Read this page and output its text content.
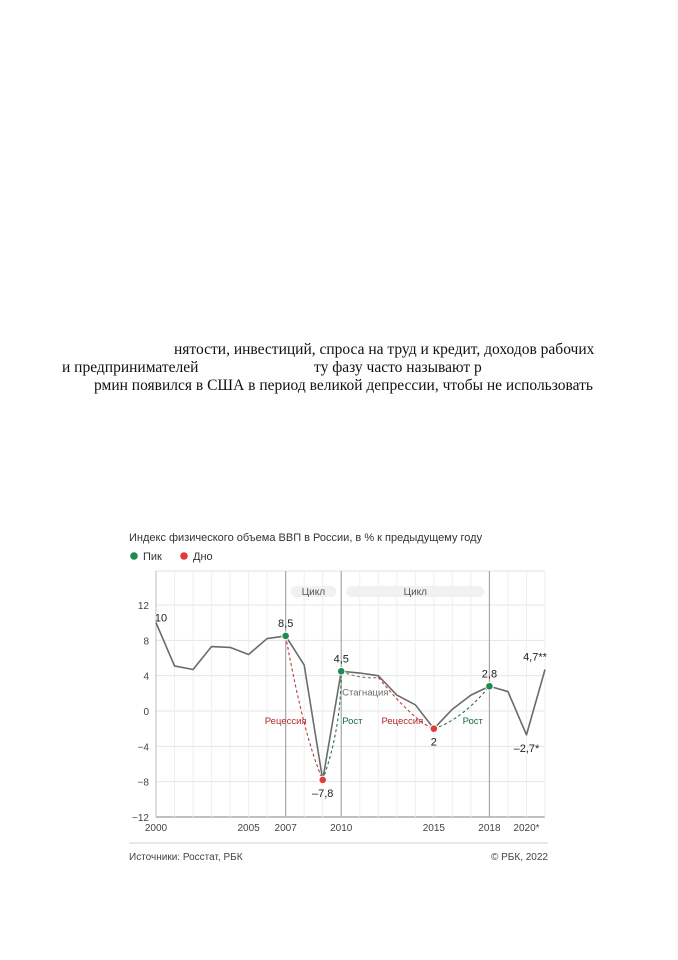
нятости, инвестиций, спроса на труд и кредит, доходов рабочих
и предпринимателей	ту фазу часто называют р
рмин появился в США в период великой депрессии, чтобы не использовать
Индекс физического объема ВВП в России, в % к предыдущему году
Пик	Дно
12
8
4
0
−4
−8
−12
2000	2005 2007	2010	2015	2018 2020*
Цикл	Цикл
Рецессия	Рост
Стагнация
Рецессия	Рост
8,5
–7,8
4,5
2
2,8
10
–2,7*
4,7**
Источники: Росстат, РБК	© РБК, 2022
